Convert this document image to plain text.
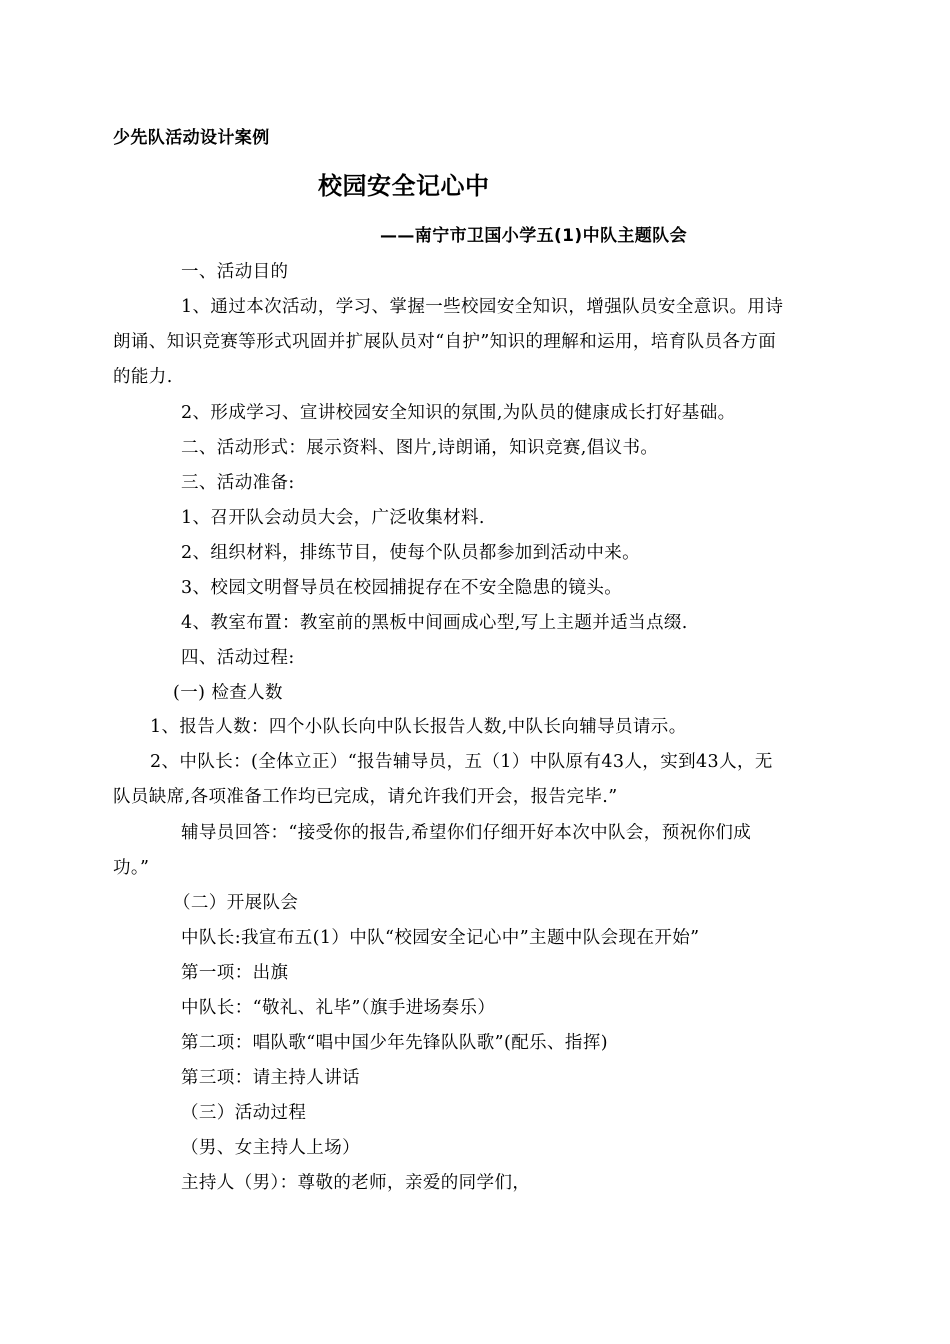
少先队活动设计案例
校园安全记心中
——南宁市卫国小学五(1)中队主题队会
一、活动目的
1、通过本次活动，学习、掌握一些校园安全知识，增强队员安全意识。用诗
朗诵、知识竞赛等形式巩固并扩展队员对“自护”知识的理解和运用，培育队员各方面
的能力.
2、形成学习、宣讲校园安全知识的氛围,为队员的健康成长打好基础。
二、活动形式：展示资料、图片,诗朗诵，知识竞赛,倡议书。
三、活动准备:
1、召开队会动员大会，广泛收集材料.
2、组织材料，排练节目，使每个队员都参加到活动中来。
3、校园文明督导员在校园捕捉存在不安全隐患的镜头。
4、教室布置：教室前的黑板中间画成心型,写上主题并适当点缀.
四、活动过程:
(一) 检查人数
1、报告人数：四个小队长向中队长报告人数,中队长向辅导员请示。
2、中队长：(全体立正）“报告辅导员，五（1）中队原有43人，实到43人，无
队员缺席,各项准备工作均已完成，请允许我们开会，报告完毕.”
辅导员回答：“接受你的报告,希望你们仔细开好本次中队会，预祝你们成
功。”
（二）开展队会
中队长:我宣布五(1）中队“校园安全记心中”主题中队会现在开始”
第一项：出旗
中队长：“敬礼、礼毕”（旗手进场奏乐）
第二项：唱队歌“唱中国少年先锋队队歌”(配乐、指挥)
第三项：请主持人讲话
（三）活动过程
（男、女主持人上场）
主持人（男）：尊敬的老师，亲爱的同学们，
